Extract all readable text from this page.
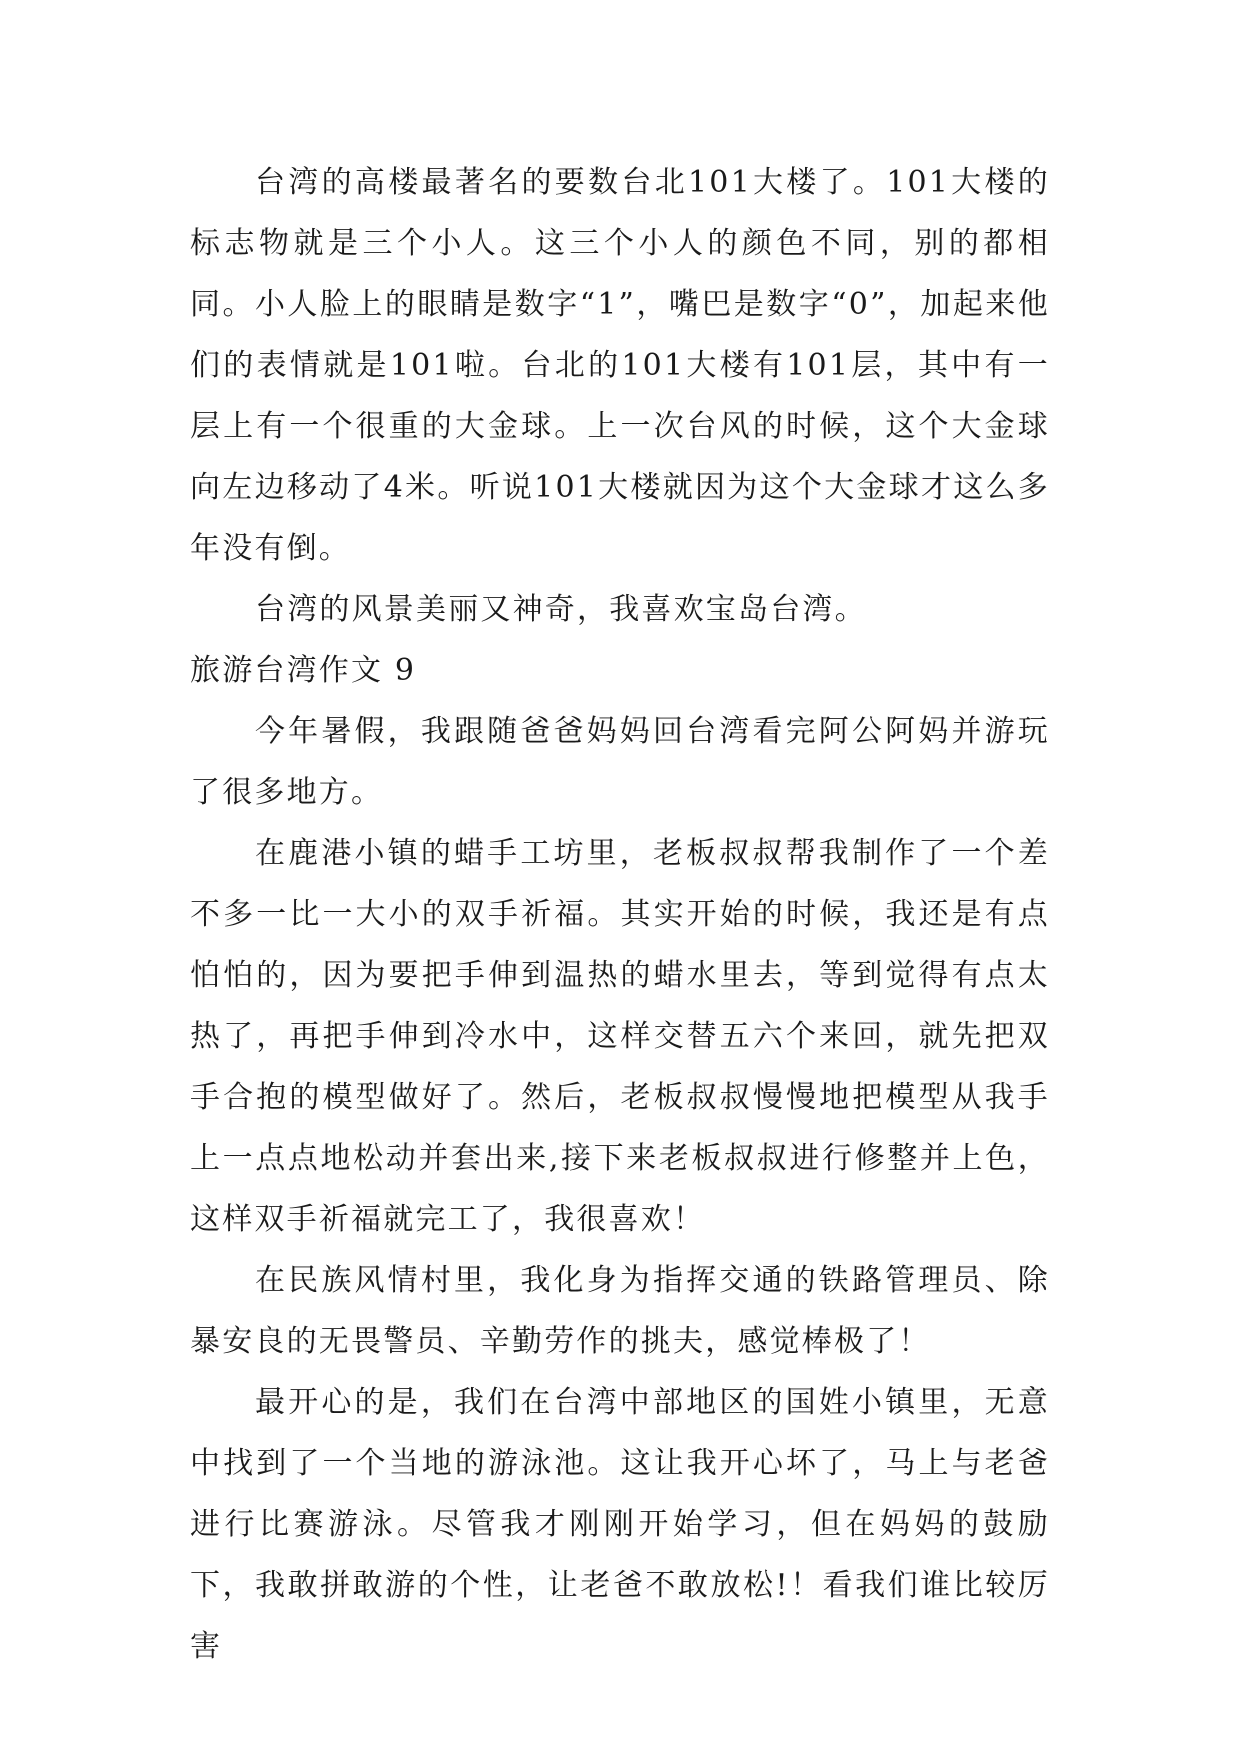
台湾的高楼最著名的要数台北101大楼了。101大楼的标志物就是三个小人。这三个小人的颜色不同，别的都相同。小人脸上的眼睛是数字“1”，嘴巴是数字“0”，加起来他们的表情就是101啦。台北的101大楼有101层，其中有一层上有一个很重的大金球。上一次台风的时候，这个大金球向左边移动了4米。听说101大楼就因为这个大金球才这么多年没有倒。

台湾的风景美丽又神奇，我喜欢宝岛台湾。

旅游台湾作文 9

今年暑假，我跟随爸爸妈妈回台湾看完阿公阿妈并游玩了很多地方。

在鹿港小镇的蜡手工坊里，老板叔叔帮我制作了一个差不多一比一大小的双手祈福。其实开始的时候，我还是有点怕怕的，因为要把手伸到温热的蜡水里去，等到觉得有点太热了，再把手伸到冷水中，这样交替五六个来回，就先把双手合抱的模型做好了。然后，老板叔叔慢慢地把模型从我手上一点点地松动并套出来,接下来老板叔叔进行修整并上色，这样双手祈福就完工了，我很喜欢！

在民族风情村里，我化身为指挥交通的铁路管理员、除暴安良的无畏警员、辛勤劳作的挑夫，感觉棒极了！

最开心的是，我们在台湾中部地区的国姓小镇里，无意中找到了一个当地的游泳池。这让我开心坏了，马上与老爸进行比赛游泳。尽管我才刚刚开始学习，但在妈妈的鼓励下，我敢拼敢游的个性，让老爸不敢放松!！看我们谁比较厉害
